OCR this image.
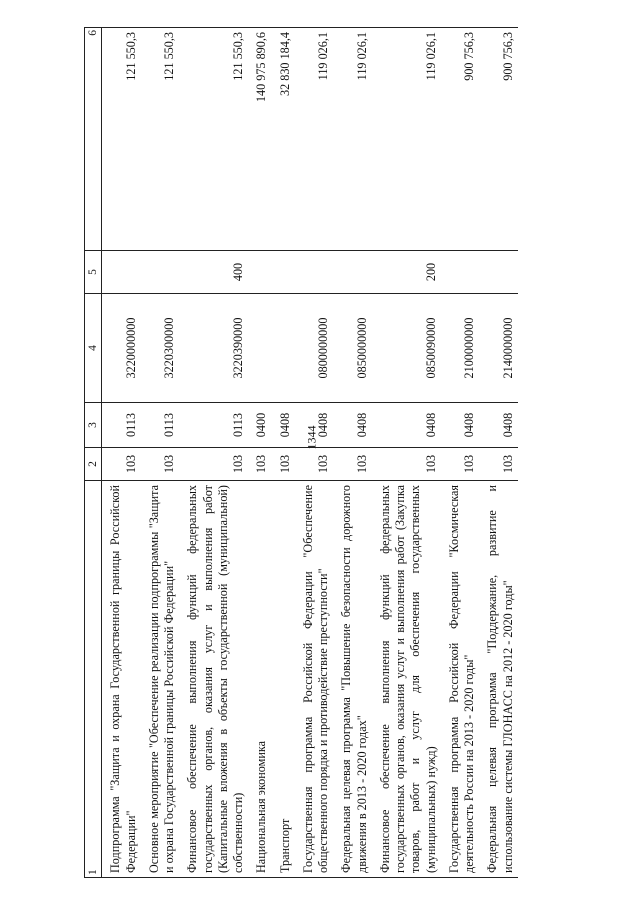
1344
1	2	3	4	5	6
Подпрограмма "Защита и охрана Государственной границы Российской Федерации"	103	0113	3220000000		121 550,3
Основное мероприятие "Обеспечение реализации подпрограммы "Защита и охрана Государственной границы Российской Федерации"	103	0113	3220300000		121 550,3
Финансовое обеспечение выполнения функций федеральных государственных органов, оказания услуг и выполнения работ (Капитальные вложения в объекты государственной (муниципальной) собственности)	103	0113	3220390000	400	121 550,3
Национальная экономика	103	0400			140 975 890,6
Транспорт	103	0408			32 830 184,4
Государственная программа Российской Федерации "Обеспечение общественного порядка и противодействие преступности"	103	0408	0800000000		119 026,1
Федеральная целевая программа "Повышение безопасности дорожного движения в 2013 - 2020 годах"	103	0408	0850000000		119 026,1
Финансовое обеспечение выполнения функций федеральных государственных органов, оказания услуг и выполнения работ (Закупка товаров, работ и услуг для обеспечения государственных (муниципальных) нужд)	103	0408	0850090000	200	119 026,1
Государственная программа Российской Федерации "Космическая деятельность России на 2013 - 2020 годы"	103	0408	2100000000		900 756,3
Федеральная целевая программа "Поддержание, развитие и использование системы ГЛОНАСС на 2012 - 2020 годы"	103	0408	2140000000		900 756,3
